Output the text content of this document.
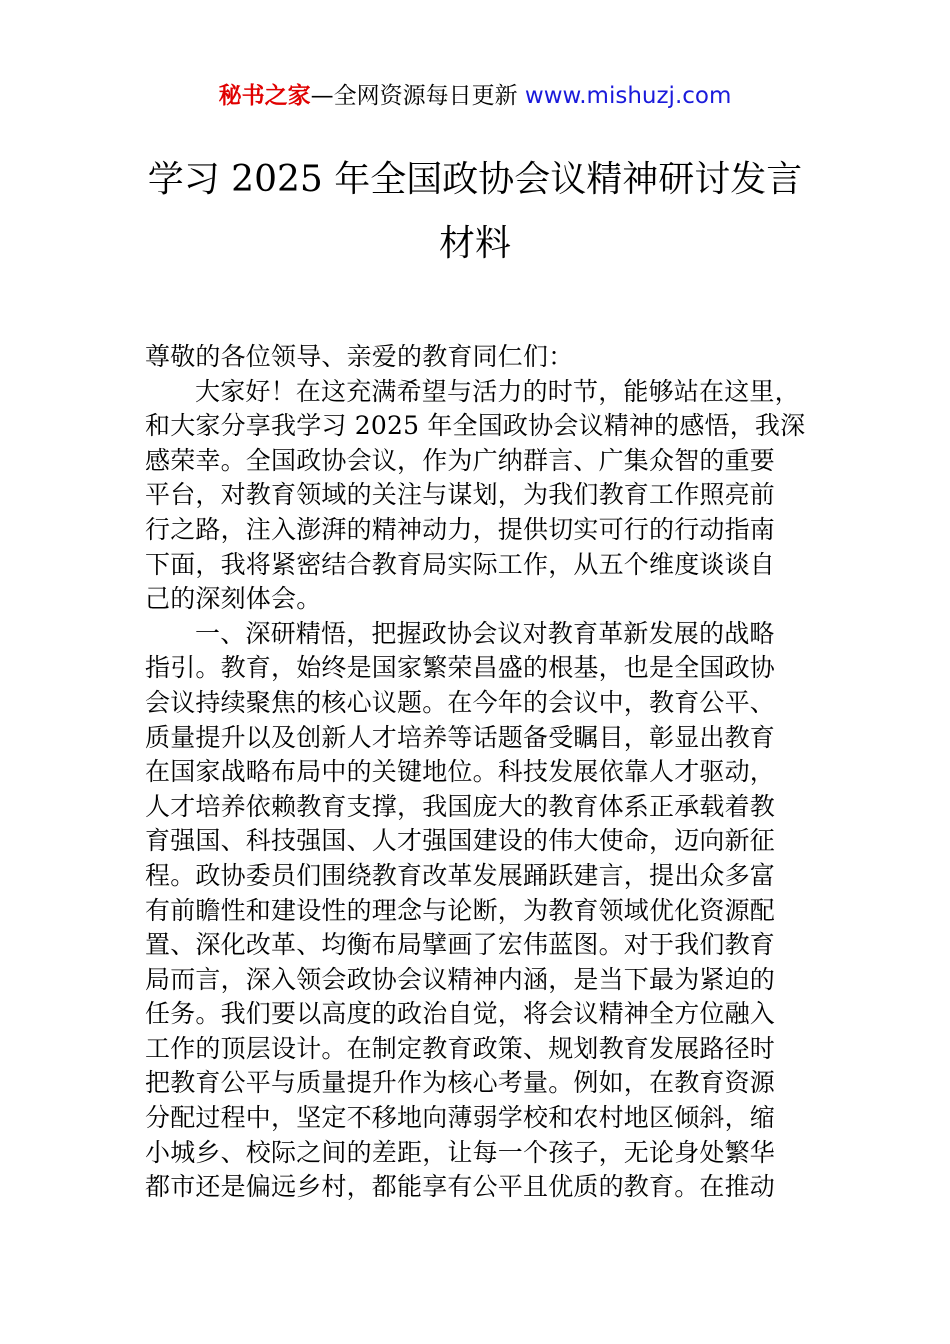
秘书之家—全网资源每日更新 www.mishuzj.com
学习 2025 年全国政协会议精神研讨发言
材料
尊敬的各位领导、亲爱的教育同仁们：
大家好！在这充满希望与活力的时节，能够站在这里，
和大家分享我学习 2025 年全国政协会议精神的感悟，我深
感荣幸。全国政协会议，作为广纳群言、广集众智的重要
平台，对教育领域的关注与谋划，为我们教育工作照亮前
行之路，注入澎湃的精神动力，提供切实可行的行动指南
下面，我将紧密结合教育局实际工作，从五个维度谈谈自
己的深刻体会。
一、深研精悟，把握政协会议对教育革新发展的战略
指引。教育，始终是国家繁荣昌盛的根基，也是全国政协
会议持续聚焦的核心议题。在今年的会议中，教育公平、
质量提升以及创新人才培养等话题备受瞩目，彰显出教育
在国家战略布局中的关键地位。科技发展依靠人才驱动，
人才培养依赖教育支撑，我国庞大的教育体系正承载着教
育强国、科技强国、人才强国建设的伟大使命，迈向新征
程。政协委员们围绕教育改革发展踊跃建言，提出众多富
有前瞻性和建设性的理念与论断，为教育领域优化资源配
置、深化改革、均衡布局擘画了宏伟蓝图。对于我们教育
局而言，深入领会政协会议精神内涵，是当下最为紧迫的
任务。我们要以高度的政治自觉，将会议精神全方位融入
工作的顶层设计。在制定教育政策、规划教育发展路径时
把教育公平与质量提升作为核心考量。例如，在教育资源
分配过程中，坚定不移地向薄弱学校和农村地区倾斜，缩
小城乡、校际之间的差距，让每一个孩子，无论身处繁华
都市还是偏远乡村，都能享有公平且优质的教育。在推动
